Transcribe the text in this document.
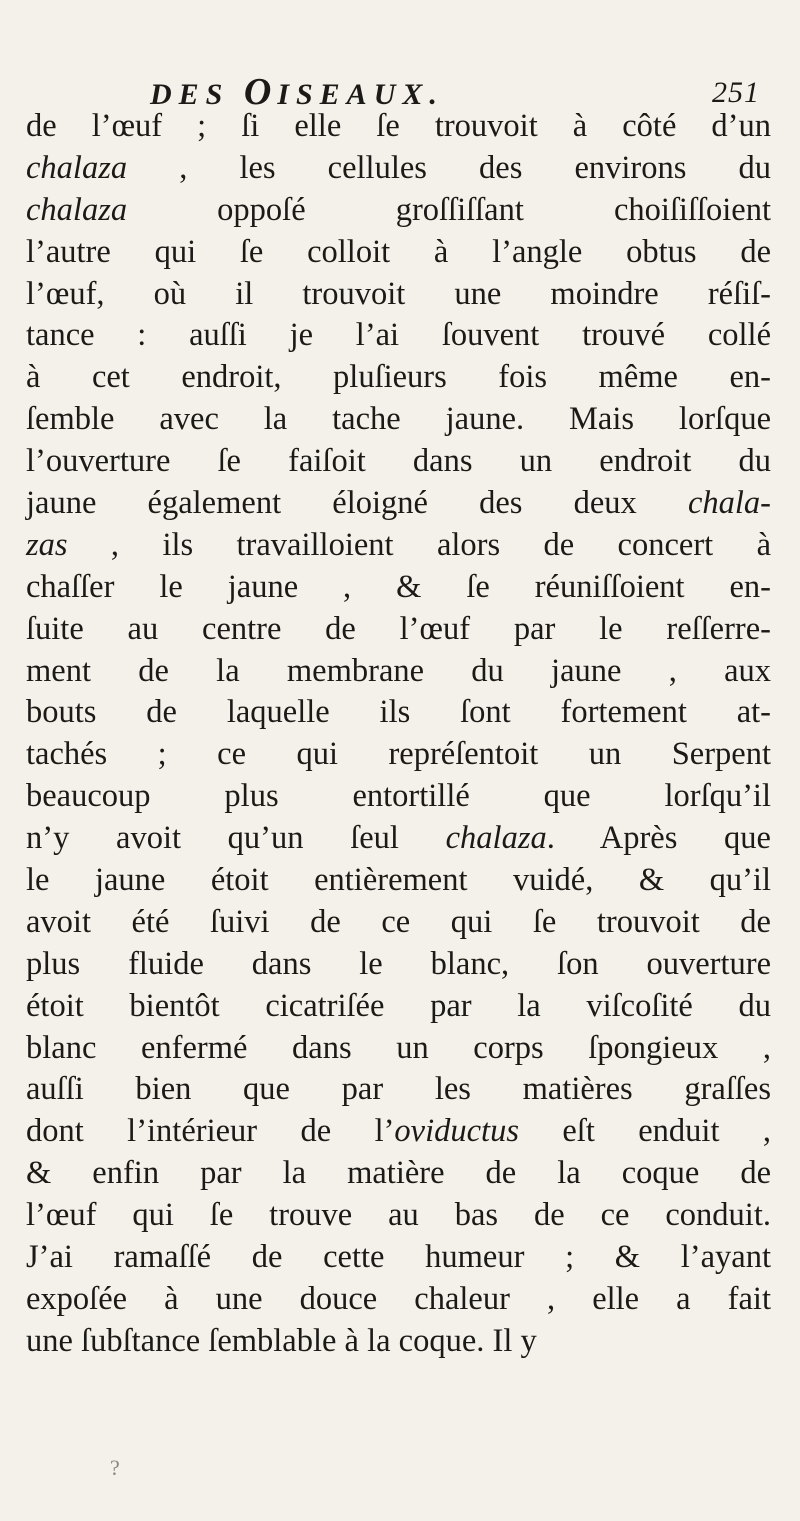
DES OISEAUX.	251
de l’œuf ; ſi elle ſe trouvoit à côté d’un
chalaza , les cellules des environs du
chalaza oppoſé groſſiſſant choiſiſſoient
l’autre qui ſe colloit à l’angle obtus de
l’œuf, où il trouvoit une moindre réſiſ-
tance : auſſi je l’ai ſouvent trouvé collé
à cet endroit, pluſieurs fois même en-
ſemble avec la tache jaune. Mais lorſque
l’ouverture ſe faiſoit dans un endroit du
jaune également éloigné des deux chala-
zas , ils travailloient alors de concert à
chaſſer le jaune , & ſe réuniſſoient en-
ſuite au centre de l’œuf par le reſſerre-
ment de la membrane du jaune , aux
bouts de laquelle ils ſont fortement at-
tachés ; ce qui repréſentoit un Serpent
beaucoup plus entortillé que lorſqu’il
n’y avoit qu’un ſeul chalaza. Après que
le jaune étoit entièrement vuidé, & qu’il
avoit été ſuivi de ce qui ſe trouvoit de
plus fluide dans le blanc, ſon ouverture
étoit bientôt cicatriſée par la viſcoſité du
blanc enfermé dans un corps ſpongieux ,
auſſi bien que par les matières graſſes
dont l’intérieur de l’oviductus eſt enduit ,
& enfin par la matière de la coque de
l’œuf qui ſe trouve au bas de ce conduit.
J’ai ramaſſé de cette humeur ; & l’ayant
expoſée à une douce chaleur , elle a fait
une ſubſtance ſemblable à la coque. Il y
?
